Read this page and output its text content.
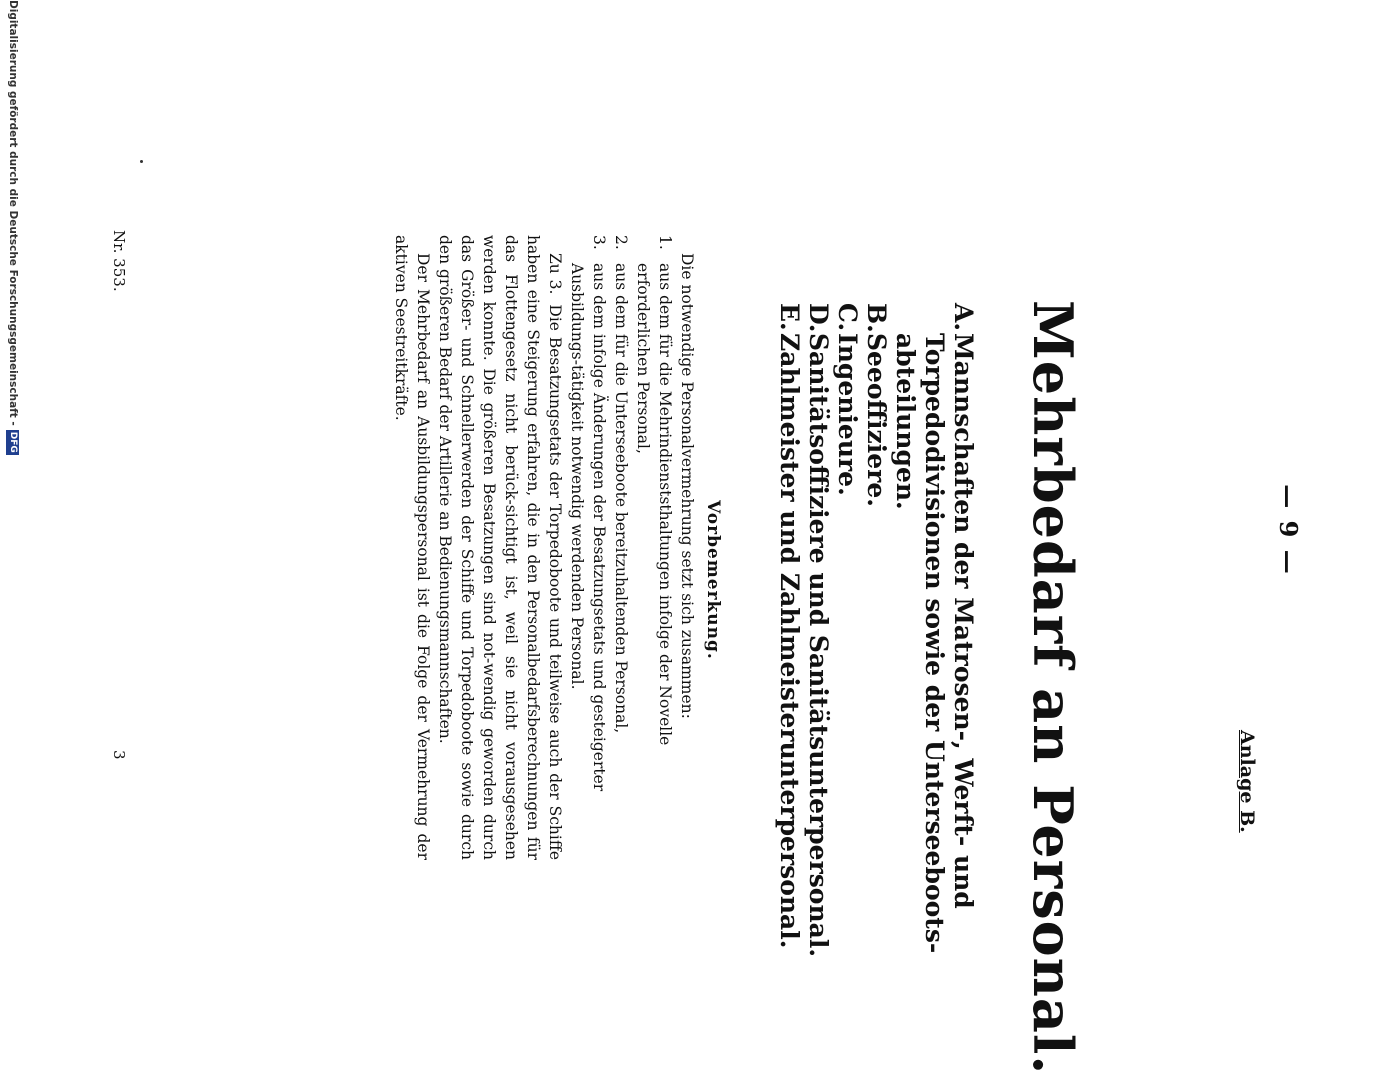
— 9 —
Anlage B.
Mehrbedarf an Personal.
A.
Mannschaften der Matrosen-, Werft- und Torpedodivisionen sowie der Unterseeboots-abteilungen.
B.
Seeoffiziere.
C.
Ingenieure.
D.
Sanitätsoffiziere und Sanitätsunterpersonal.
E.
Zahlmeister und Zahlmeisterunterpersonal.
Vorbemerkung.

Die notwendige Personalvermehrung setzt sich zusammen:

1.
aus dem für die Mehrindienststhaltungen infolge der Novelle erforderlichen Personal,
2.
aus dem für die Unterseeboote bereitzuhaltenden Personal,
3.
aus dem infolge Änderungen der Besatzungsetats und gesteigerter Ausbildungs-tätigkeit notwendig werdenden Personal.

Zu 3.Die Besatzungsetats der Torpedoboote und teilweise auch der Schiffe haben eine Steigerung erfahren, die in den Personalbedarfsberechnungen für das Flottengesetz nicht berück-sichtigt ist, weil sie nicht vorausgesehen werden konnte. Die größeren Besatzungen sind not-wendig geworden durch das Größer- und Schnellerwerden der Schiffe und Torpedoboote sowie durch den größeren Bedarf der Artillerie an Bedienungsmannschaften.

Der Mehrbedarf an Ausbildungspersonal ist die Folge der Vermehrung der aktiven Seestreitkräfte.

Nr. 353.
3
Digitalisierung gefördert durch die Deutsche Forschungsgemeinschaft -
DFG
